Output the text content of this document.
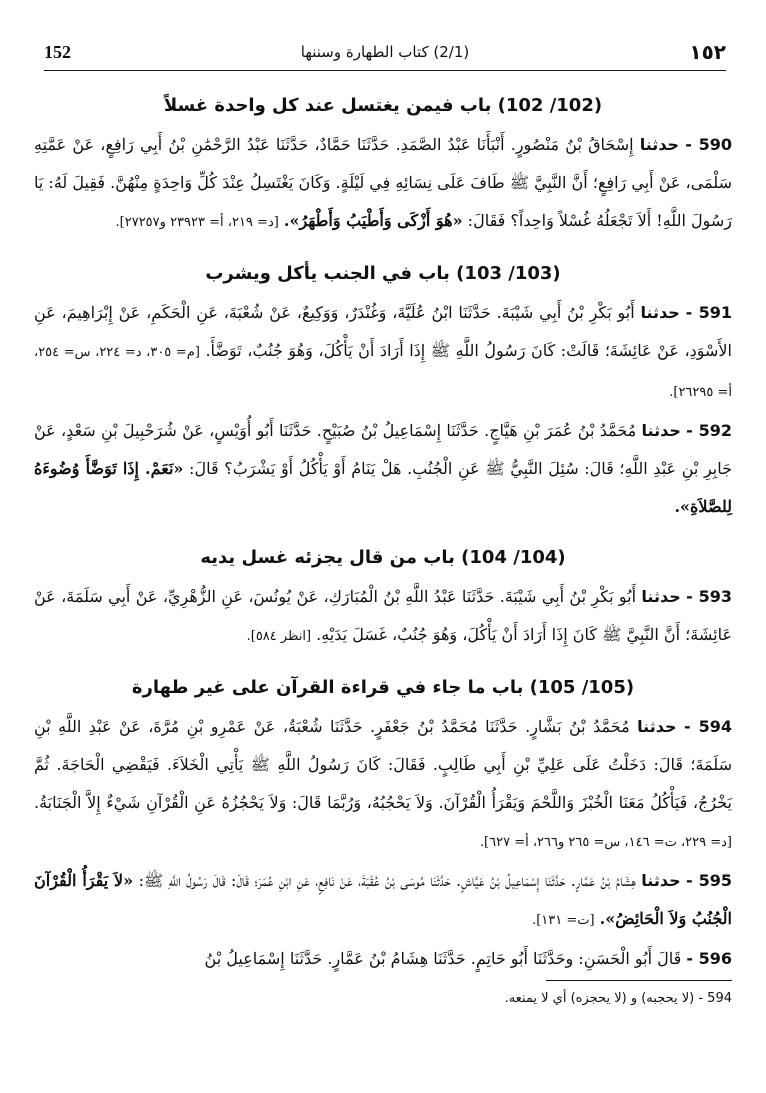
١٥٢
(2/1) كتاب الطهارة وسننها
152
(102/ 102) باب فيمن يغتسل عند كل واحدة غسلاً

590 - حدثنا إِسْحَاقُ بْنُ مَنْصُورٍ. أَنْبَأَنَا عَبْدُ الصَّمَدِ. حَدَّثَنَا حَمَّادٌ، حَدَّثَنَا عَبْدُ الرَّحْمَٰنِ بْنُ أَبِي رَافِعٍ، عَنْ عَمَّتِهِ سَلْمَى، عَنْ أَبِي رَافِعٍ؛ أَنَّ النَّبِيَّ ﷺ طَافَ عَلَى نِسَائِهِ فِي لَيْلَةٍ. وَكَانَ يَغْتَسِلُ عِنْدَ كُلِّ وَاحِدَةٍ مِنْهُنَّ. فَقِيلَ لَهُ: يَا رَسُولَ اللَّهِ! أَلاَ تَجْعَلُهُ غُسْلاً وَاحِداً؟ فَقَالَ: «هُوَ أَزْكَى وَأَطْيَبُ وَأَطْهَرُ». [د= ٢١٩، أ= ٢٣٩٢٣ و٢٧٢٥٧].

(103/ 103) باب في الجنب يأكل ويشرب

591 - حدثنا أَبُو بَكْرِ بْنُ أَبِي شَيْبَةَ. حَدَّثَنَا ابْنُ عُلَيَّةَ، وَغُنْدَرٌ، وَوَكِيعٌ، عَنْ شُعْبَةَ، عَنِ الْحَكَمِ، عَنْ إِبْرَاهِيمَ، عَنِ الأَسْوَدِ، عَنْ عَائِشَةَ؛ قَالَتْ: كَانَ رَسُولُ اللَّهِ ﷺ إِذَا أَرَادَ أَنْ يَأْكُلَ، وَهُوَ جُنُبٌ، تَوَضَّأَ. [م= ٣٠٥، د= ٢٢٤، س= ٢٥٤، أ= ٢٦٢٩٥].

592 - حدثنا مُحَمَّدُ بْنُ عُمَرَ بْنِ هَيَّاجٍ. حَدَّثَنَا إِسْمَاعِيلُ بْنُ صُبَيْحٍ. حَدَّثَنَا أَبُو أُوَيْسٍ، عَنْ شُرَحْبِيلَ بْنِ سَعْدٍ، عَنْ جَابِرِ بْنِ عَبْدِ اللَّهِ؛ قَالَ: سُئِلَ النَّبِيُّ ﷺ عَنِ الْجُنُبِ. هَلْ يَنَامُ أَوْ يَأْكُلُ أَوْ يَشْرَبُ؟ قَالَ: «نَعَمْ. إِذَا تَوَضَّأَ وُضُوءَهُ لِلصَّلاَةِ».

(104/ 104) باب من قال يجزئه غسل يديه

593 - حدثنا أَبُو بَكْرِ بْنُ أَبِي شَيْبَةَ. حَدَّثَنَا عَبْدُ اللَّهِ بْنُ الْمُبَارَكِ، عَنْ يُونُسَ، عَنِ الزُّهْرِيِّ، عَنْ أَبِي سَلَمَةَ، عَنْ عَائِشَةَ؛ أَنَّ النَّبِيَّ ﷺ كَانَ إِذَا أَرَادَ أَنْ يَأْكُلَ، وَهُوَ جُنُبٌ، غَسَلَ يَدَيْهِ. [انظر ٥٨٤].

(105/ 105) باب ما جاء في قراءة القرآن على غير طهارة

594 - حدثنا مُحَمَّدُ بْنُ بَشَّارٍ. حَدَّثَنَا مُحَمَّدُ بْنُ جَعْفَرٍ. حَدَّثَنَا شُعْبَةُ، عَنْ عَمْرِو بْنِ مُرَّةَ، عَنْ عَبْدِ اللَّهِ بْنِ سَلَمَةَ؛ قَالَ: دَخَلْتُ عَلَى عَلِيِّ بْنِ أَبِي طَالِبٍ. فَقَالَ: كَانَ رَسُولُ اللَّهِ ﷺ يَأْتِي الْخَلاَءَ. فَيَقْضِي الْحَاجَةَ. ثُمَّ يَخْرُجُ، فَيَأْكُلُ مَعَنَا الْخُبْزَ وَاللَّحْمَ وَيَقْرَأُ الْقُرْآنَ. وَلاَ يَحْجُبُهُ، وَرُبَّمَا قَالَ: وَلاَ يَحْجُزُهُ عَنِ الْقُرْآنِ شَيْءٌ إِلاَّ الْجَنَابَةُ. [د= ٢٢٩، ت= ١٤٦، س= ٢٦٥ و٢٦٦، أ= ٦٢٧].

595 - حدثنا هِشَامُ بْنُ عَمَّارٍ. حَدَّثَنَا إِسْمَاعِيلُ بْنُ عَيَّاشٍ. حَدَّثَنَا مُوسَى بْنُ عُقْبَةَ، عَنْ نَافِعٍ، عَنِ ابْنِ عُمَرَ؛ قَالَ: قَالَ رَسُولُ اللَّهِ ﷺ: «لاَ يَقْرَأُ الْقُرْآنَ الْجُنُبُ وَلاَ الْحَائِضُ». [ت= ١٣١].

596 - قَالَ أَبُو الْحَسَنِ: وحَدَّثَنَا أَبُو حَاتِمٍ. حَدَّثَنَا هِشَامُ بْنُ عَمَّارٍ. حَدَّثَنَا إِسْمَاعِيلُ بْنُ

594 - (لا يحجبه) و (لا يحجزه) أي لا يمنعه.
